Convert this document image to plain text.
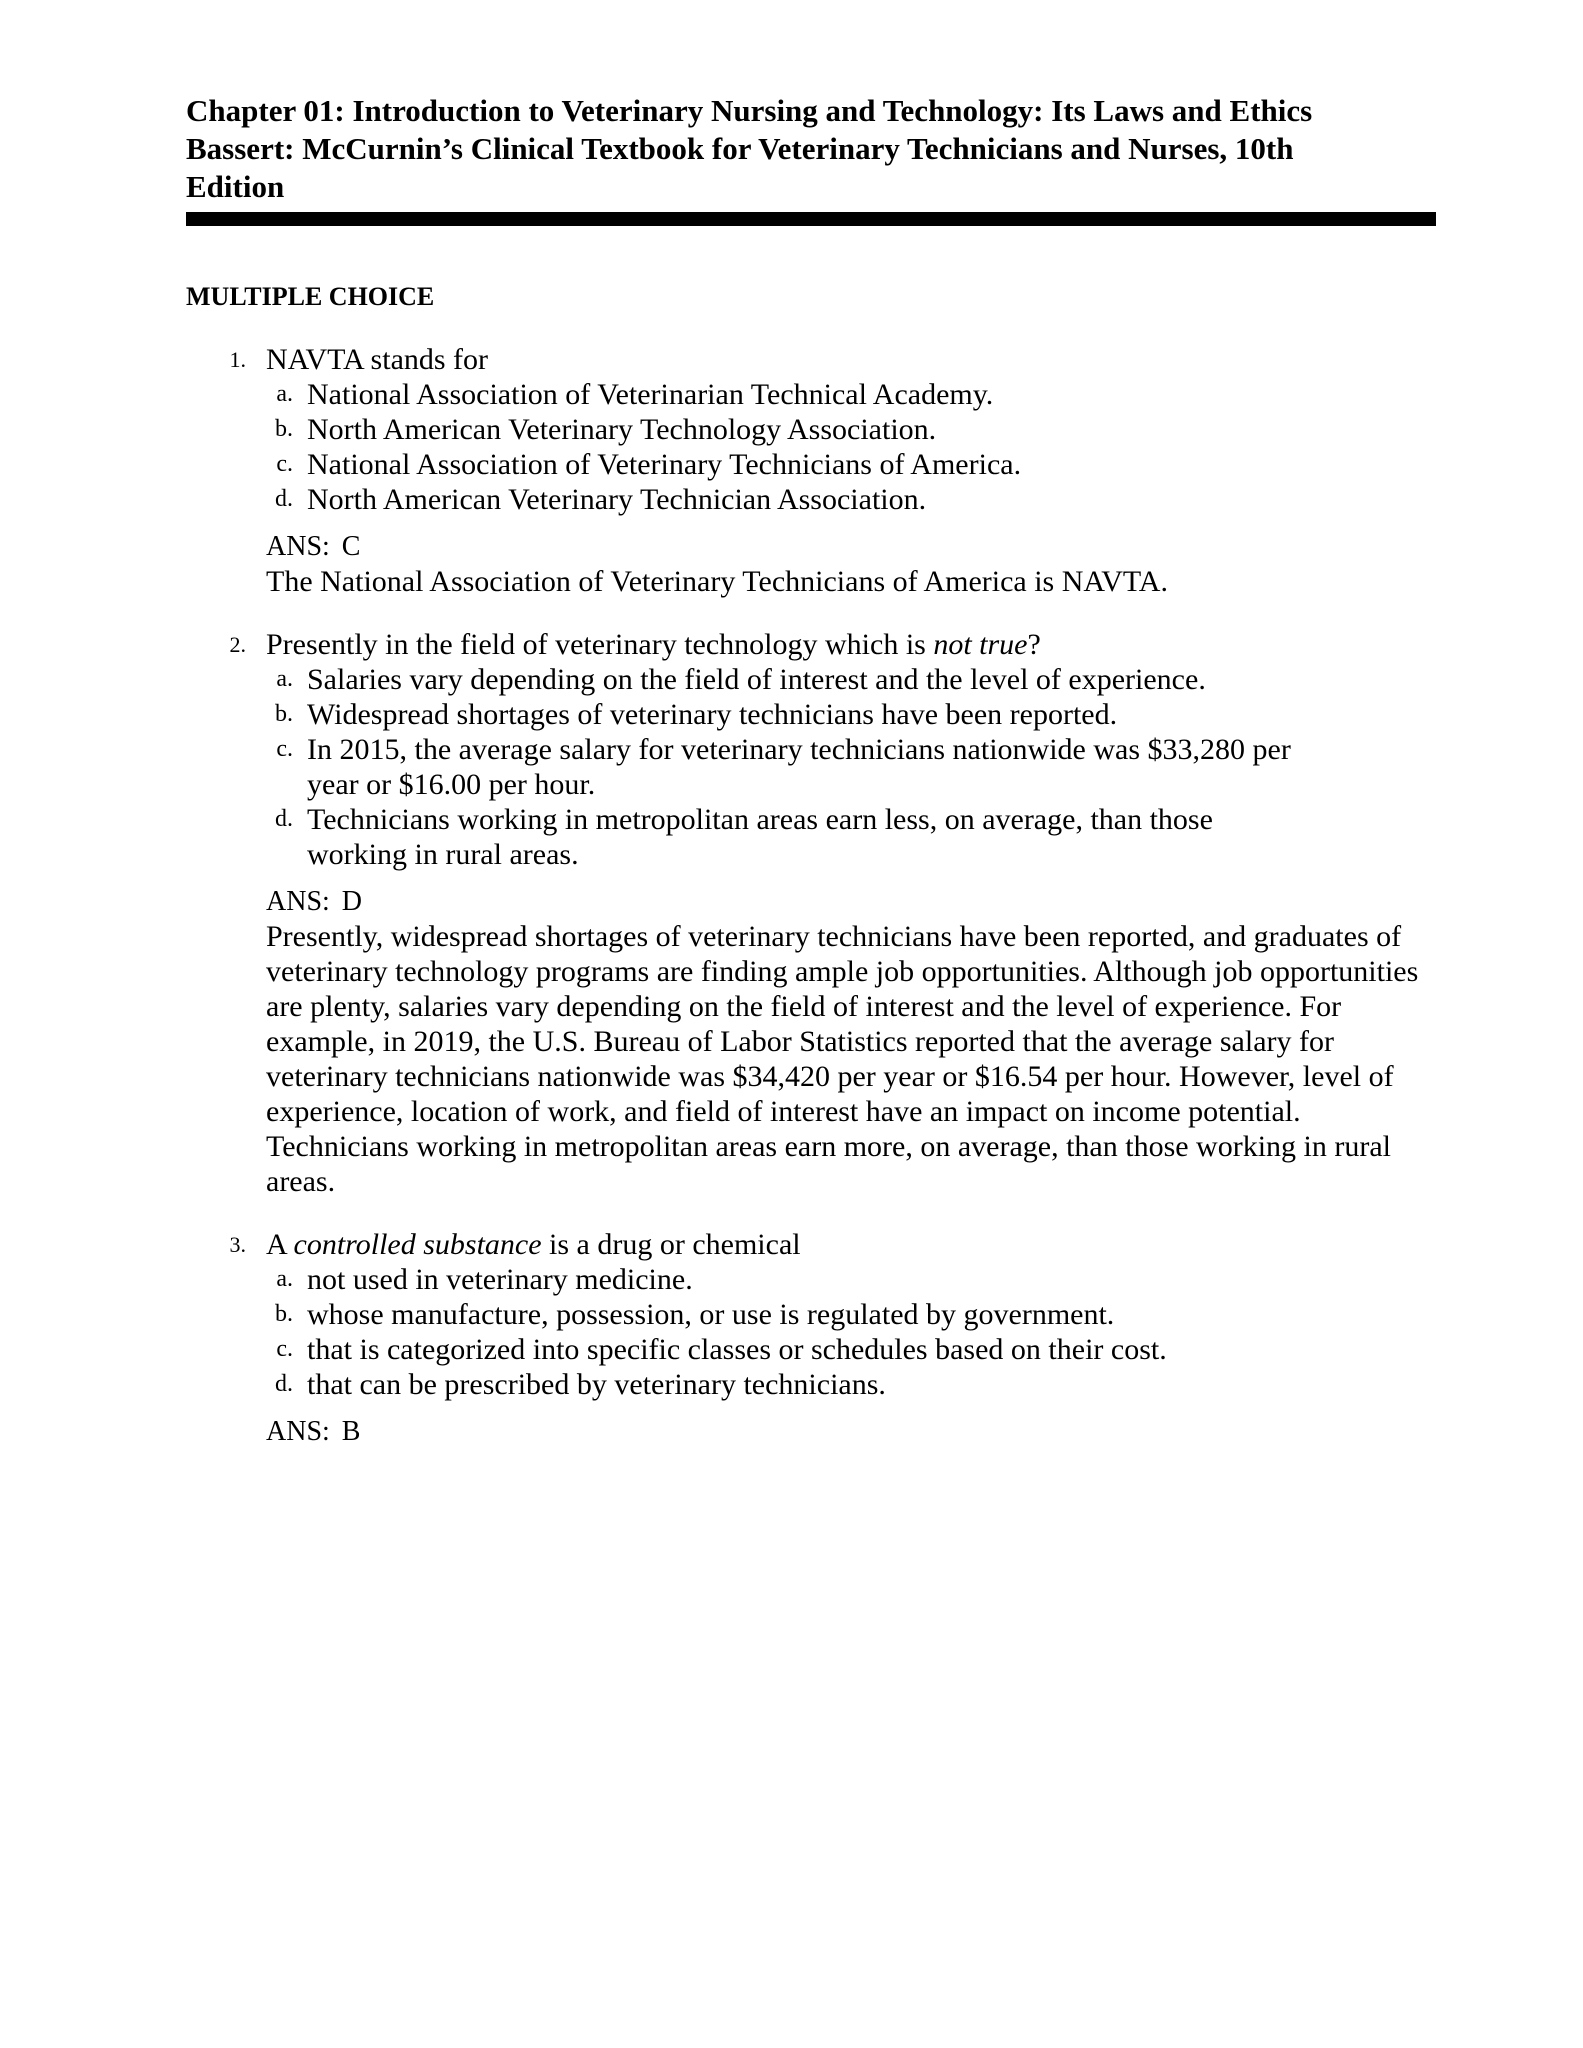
Chapter 01: Introduction to Veterinary Nursing and Technology: Its Laws and Ethics

Bassert: McCurnin’s Clinical Textbook for Veterinary Technicians and Nurses, 10th

Edition

MULTIPLE CHOICE
1. NAVTA stands for
a. National Association of Veterinarian Technical Academy.
b. North American Veterinary Technology Association.
c. National Association of Veterinary Technicians of America.
d. North American Veterinary Technician Association.
ANS: C
The National Association of Veterinary Technicians of America is NAVTA.
2. Presently in the field of veterinary technology which is not true?
a. Salaries vary depending on the field of interest and the level of experience.
b. Widespread shortages of veterinary technicians have been reported.
c. In 2015, the average salary for veterinary technicians nationwide was $33,280 per year or $16.00 per hour.
d. Technicians working in metropolitan areas earn less, on average, than those working in rural areas.
ANS: D
Presently, widespread shortages of veterinary technicians have been reported, and graduates of veterinary technology programs are finding ample job opportunities. Although job opportunities are plenty, salaries vary depending on the field of interest and the level of experience. For example, in 2019, the U.S. Bureau of Labor Statistics reported that the average salary for veterinary technicians nationwide was $34,420 per year or $16.54 per hour. However, level of experience, location of work, and field of interest have an impact on income potential. Technicians working in metropolitan areas earn more, on average, than those working in rural areas.
3. A controlled substance is a drug or chemical
a. not used in veterinary medicine.
b. whose manufacture, possession, or use is regulated by government.
c. that is categorized into specific classes or schedules based on their cost.
d. that can be prescribed by veterinary technicians.
ANS: B
